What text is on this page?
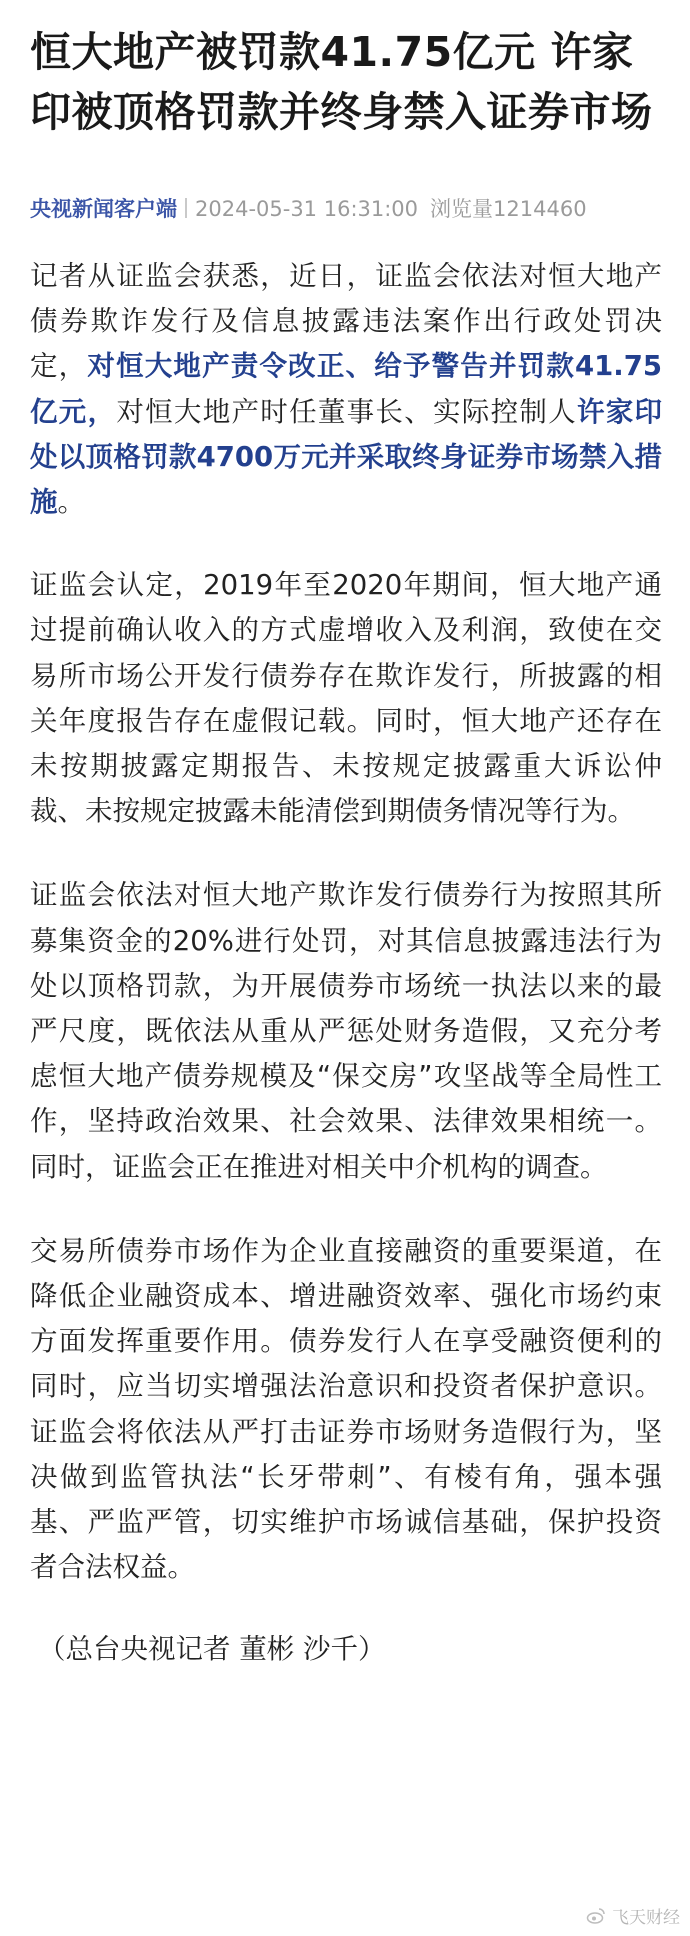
恒大地产被罚款41.75亿元 许家印被顶格罚款并终身禁入证券市场
央视新闻客户端 2024-05-31 16:31:00 浏览量1214460

记者从证监会获悉，近日，证监会依法对恒大地产债券欺诈发行及信息披露违法案作出行政处罚决定，对恒大地产责令改正、给予警告并罚款41.75亿元，对恒大地产时任董事长、实际控制人许家印处以顶格罚款4700万元并采取终身证券市场禁入措施。

证监会认定，2019年至2020年期间，恒大地产通过提前确认收入的方式虚增收入及利润，致使在交易所市场公开发行债券存在欺诈发行，所披露的相关年度报告存在虚假记载。同时，恒大地产还存在未按期披露定期报告、未按规定披露重大诉讼仲裁、未按规定披露未能清偿到期债务情况等行为。

证监会依法对恒大地产欺诈发行债券行为按照其所募集资金的20%进行处罚，对其信息披露违法行为处以顶格罚款，为开展债券市场统一执法以来的最严尺度，既依法从重从严惩处财务造假，又充分考虑恒大地产债券规模及“保交房”攻坚战等全局性工作，坚持政治效果、社会效果、法律效果相统一。同时，证监会正在推进对相关中介机构的调查。

交易所债券市场作为企业直接融资的重要渠道，在降低企业融资成本、增进融资效率、强化市场约束方面发挥重要作用。债券发行人在享受融资便利的同时，应当切实增强法治意识和投资者保护意识。证监会将依法从严打击证券市场财务造假行为，坚决做到监管执法“长牙带刺”、有棱有角，强本强基、严监严管，切实维护市场诚信基础，保护投资者合法权益。

（总台央视记者 董彬 沙千）
飞天财经
